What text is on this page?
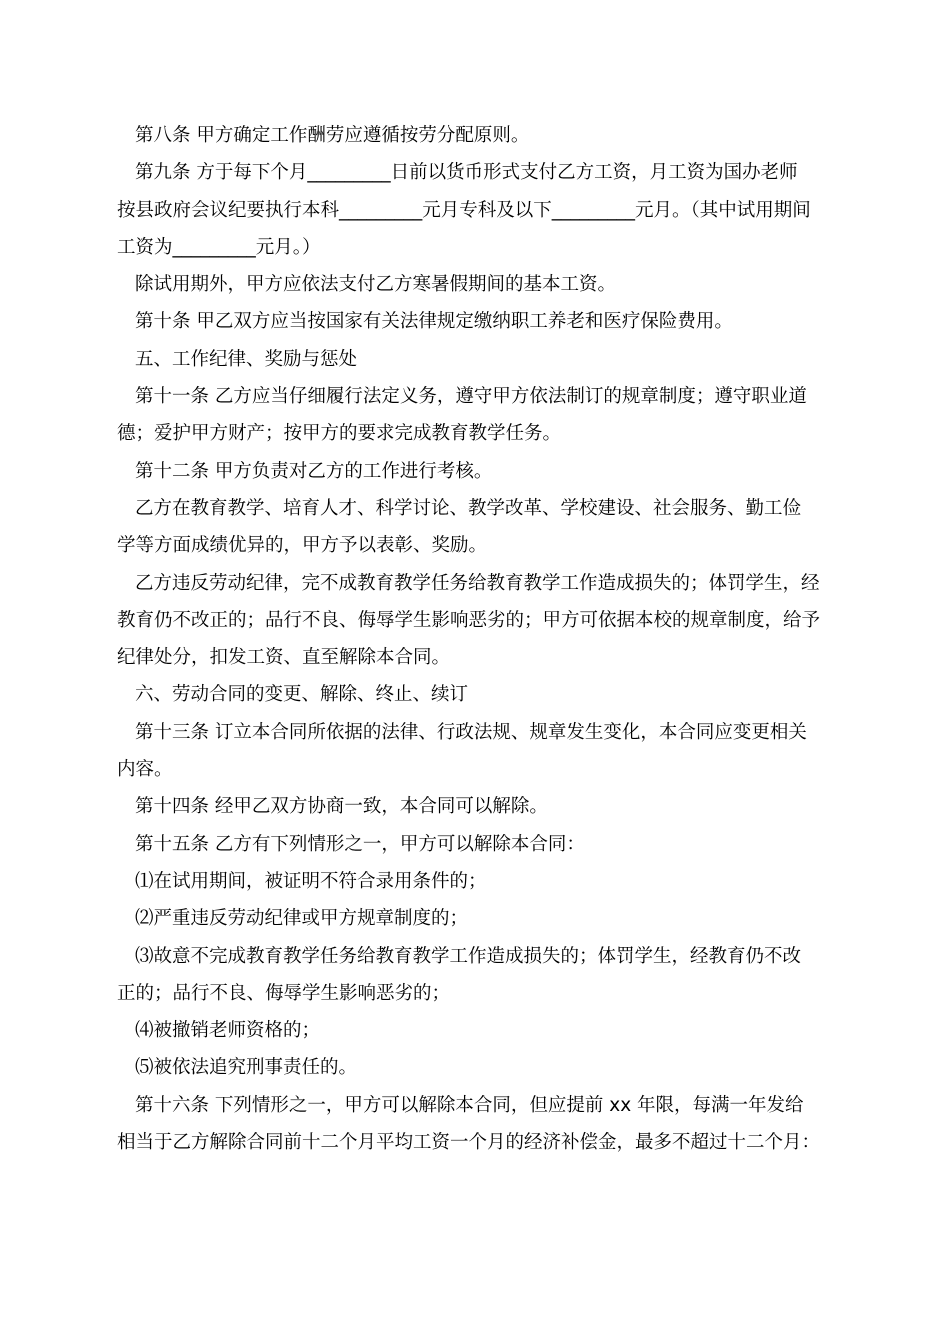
第八条 甲方确定工作酬劳应遵循按劳分配原则。
第九条 方于每下个月_________日前以货币形式支付乙方工资，月工资为国办老师
按县政府会议纪要执行本科_________元月专科及以下_________元月。（其中试用期间
工资为_________元月。）
除试用期外，甲方应依法支付乙方寒暑假期间的基本工资。
第十条 甲乙双方应当按国家有关法律规定缴纳职工养老和医疗保险费用。
五、工作纪律、奖励与惩处
第十一条 乙方应当仔细履行法定义务，遵守甲方依法制订的规章制度；遵守职业道
德；爱护甲方财产；按甲方的要求完成教育教学任务。
第十二条 甲方负责对乙方的工作进行考核。
乙方在教育教学、培育人才、科学讨论、教学改革、学校建设、社会服务、勤工俭
学等方面成绩优异的，甲方予以表彰、奖励。
乙方违反劳动纪律，完不成教育教学任务给教育教学工作造成损失的；体罚学生，经
教育仍不改正的；品行不良、侮辱学生影响恶劣的；甲方可依据本校的规章制度，给予
纪律处分，扣发工资、直至解除本合同。
六、劳动合同的变更、解除、终止、续订
第十三条 订立本合同所依据的法律、行政法规、规章发生变化，本合同应变更相关
内容。
第十四条 经甲乙双方协商一致，本合同可以解除。
第十五条 乙方有下列情形之一，甲方可以解除本合同：
⑴在试用期间，被证明不符合录用条件的；
⑵严重违反劳动纪律或甲方规章制度的；
⑶故意不完成教育教学任务给教育教学工作造成损失的；体罚学生，经教育仍不改
正的；品行不良、侮辱学生影响恶劣的；
⑷被撤销老师资格的；
⑸被依法追究刑事责任的。
第十六条 下列情形之一，甲方可以解除本合同，但应提前 xx 年限，每满一年发给
相当于乙方解除合同前十二个月平均工资一个月的经济补偿金，最多不超过十二个月：
